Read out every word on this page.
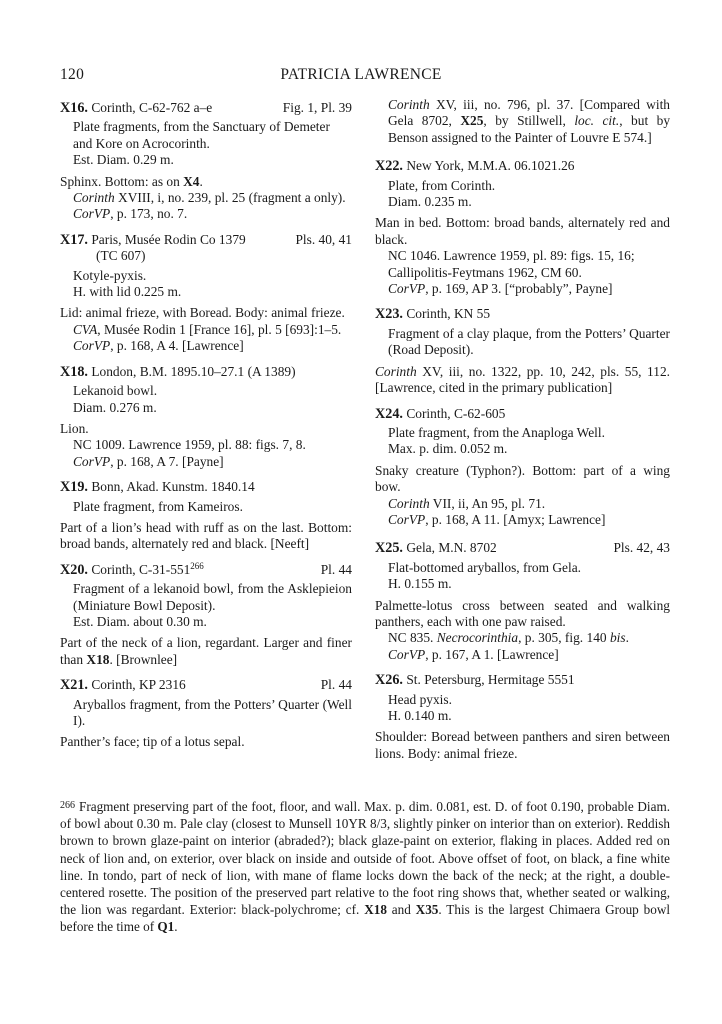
120	PATRICIA LAWRENCE
X16. Corinth, C-62-762 a–e	Fig. 1, Pl. 39
Plate fragments, from the Sanctuary of Demeter and Kore on Acrocorinth.
Est. Diam. 0.29 m.
Sphinx. Bottom: as on X4.
Corinth XVIII, i, no. 239, pl. 25 (fragment a only).
CorVP, p. 173, no. 7.
X17. Paris, Musée Rodin Co 1379	Pls. 40, 41
(TC 607)
Kotyle-pyxis.
H. with lid 0.225 m.
Lid: animal frieze, with Boread. Body: animal frieze.
CVA, Musée Rodin 1 [France 16], pl. 5 [693]:1–5.
CorVP, p. 168, A 4. [Lawrence]
X18. London, B.M. 1895.10–27.1 (A 1389)
Lekanoid bowl.
Diam. 0.276 m.
Lion.
NC 1009. Lawrence 1959, pl. 88: figs. 7, 8.
CorVP, p. 168, A 7. [Payne]
X19. Bonn, Akad. Kunstm. 1840.14
Plate fragment, from Kameiros.
Part of a lion’s head with ruff as on the last. Bottom: broad bands, alternately red and black. [Neeft]
X20. Corinth, $C-31-551^{266}$	Pl. 44
Fragment of a lekanoid bowl, from the Asklepieion (Miniature Bowl Deposit).
Est. Diam. about 0.30 m.
Part of the neck of a lion, regardant. Larger and finer than X18. [Brownlee]
X21. Corinth, KP 2316	Pl. 44
Aryballos fragment, from the Potters’ Quarter (Well I).
Panther’s face; tip of a lotus sepal.
Corinth XV, iii, no. 796, pl. 37. [Compared with Gela 8702, X25, by Stillwell, loc. cit., but by Benson assigned to the Painter of Louvre E 574.]
X22. New York, M.M.A. 06.1021.26
Plate, from Corinth.
Diam. 0.235 m.
Man in bed. Bottom: broad bands, alternately red and black.
NC 1046. Lawrence 1959, pl. 89: figs. 15, 16; Callipolitis-Feytmans 1962, CM 60.
CorVP, p. 169, AP 3. [“probably”, Payne]
X23. Corinth, KN 55
Fragment of a clay plaque, from the Potters’ Quarter (Road Deposit).
Corinth XV, iii, no. 1322, pp. 10, 242, pls. 55, 112. [Lawrence, cited in the primary publication]
X24. Corinth, C-62-605
Plate fragment, from the Anaploga Well.
Max. p. dim. 0.052 m.
Snaky creature (Typhon?). Bottom: part of a wing bow.
Corinth VII, ii, An 95, pl. 71.
CorVP, p. 168, A 11. [Amyx; Lawrence]
X25. Gela, M.N. 8702	Pls. 42, 43
Flat-bottomed aryballos, from Gela.
H. 0.155 m.
Palmette-lotus cross between seated and walking panthers, each with one paw raised.
NC 835. Necrocorinthia, p. 305, fig. 140 bis.
CorVP, p. 167, A 1. [Lawrence]
X26. St. Petersburg, Hermitage 5551
Head pyxis.
H. 0.140 m.
Shoulder: Boread between panthers and siren between lions. Body: animal frieze.
$^{266}$ Fragment preserving part of the foot, floor, and wall. Max. p. dim. 0.081, est. D. of foot 0.190, probable Diam. of bowl about 0.30 m. Pale clay (closest to Munsell 10YR 8/3, slightly pinker on interior than on exterior). Reddish brown to brown glaze-paint on interior (abraded?); black glaze-paint on exterior, flaking in places. Added red on neck of lion and, on exterior, over black on inside and outside of foot. Above offset of foot, on black, a fine white line. In tondo, part of neck of lion, with mane of flame locks down the back of the neck; at the right, a double-centered rosette. The position of the preserved part relative to the foot ring shows that, whether seated or walking, the lion was regardant. Exterior: black-polychrome; cf. X18 and X35. This is the largest Chimaera Group bowl before the time of Q1.
